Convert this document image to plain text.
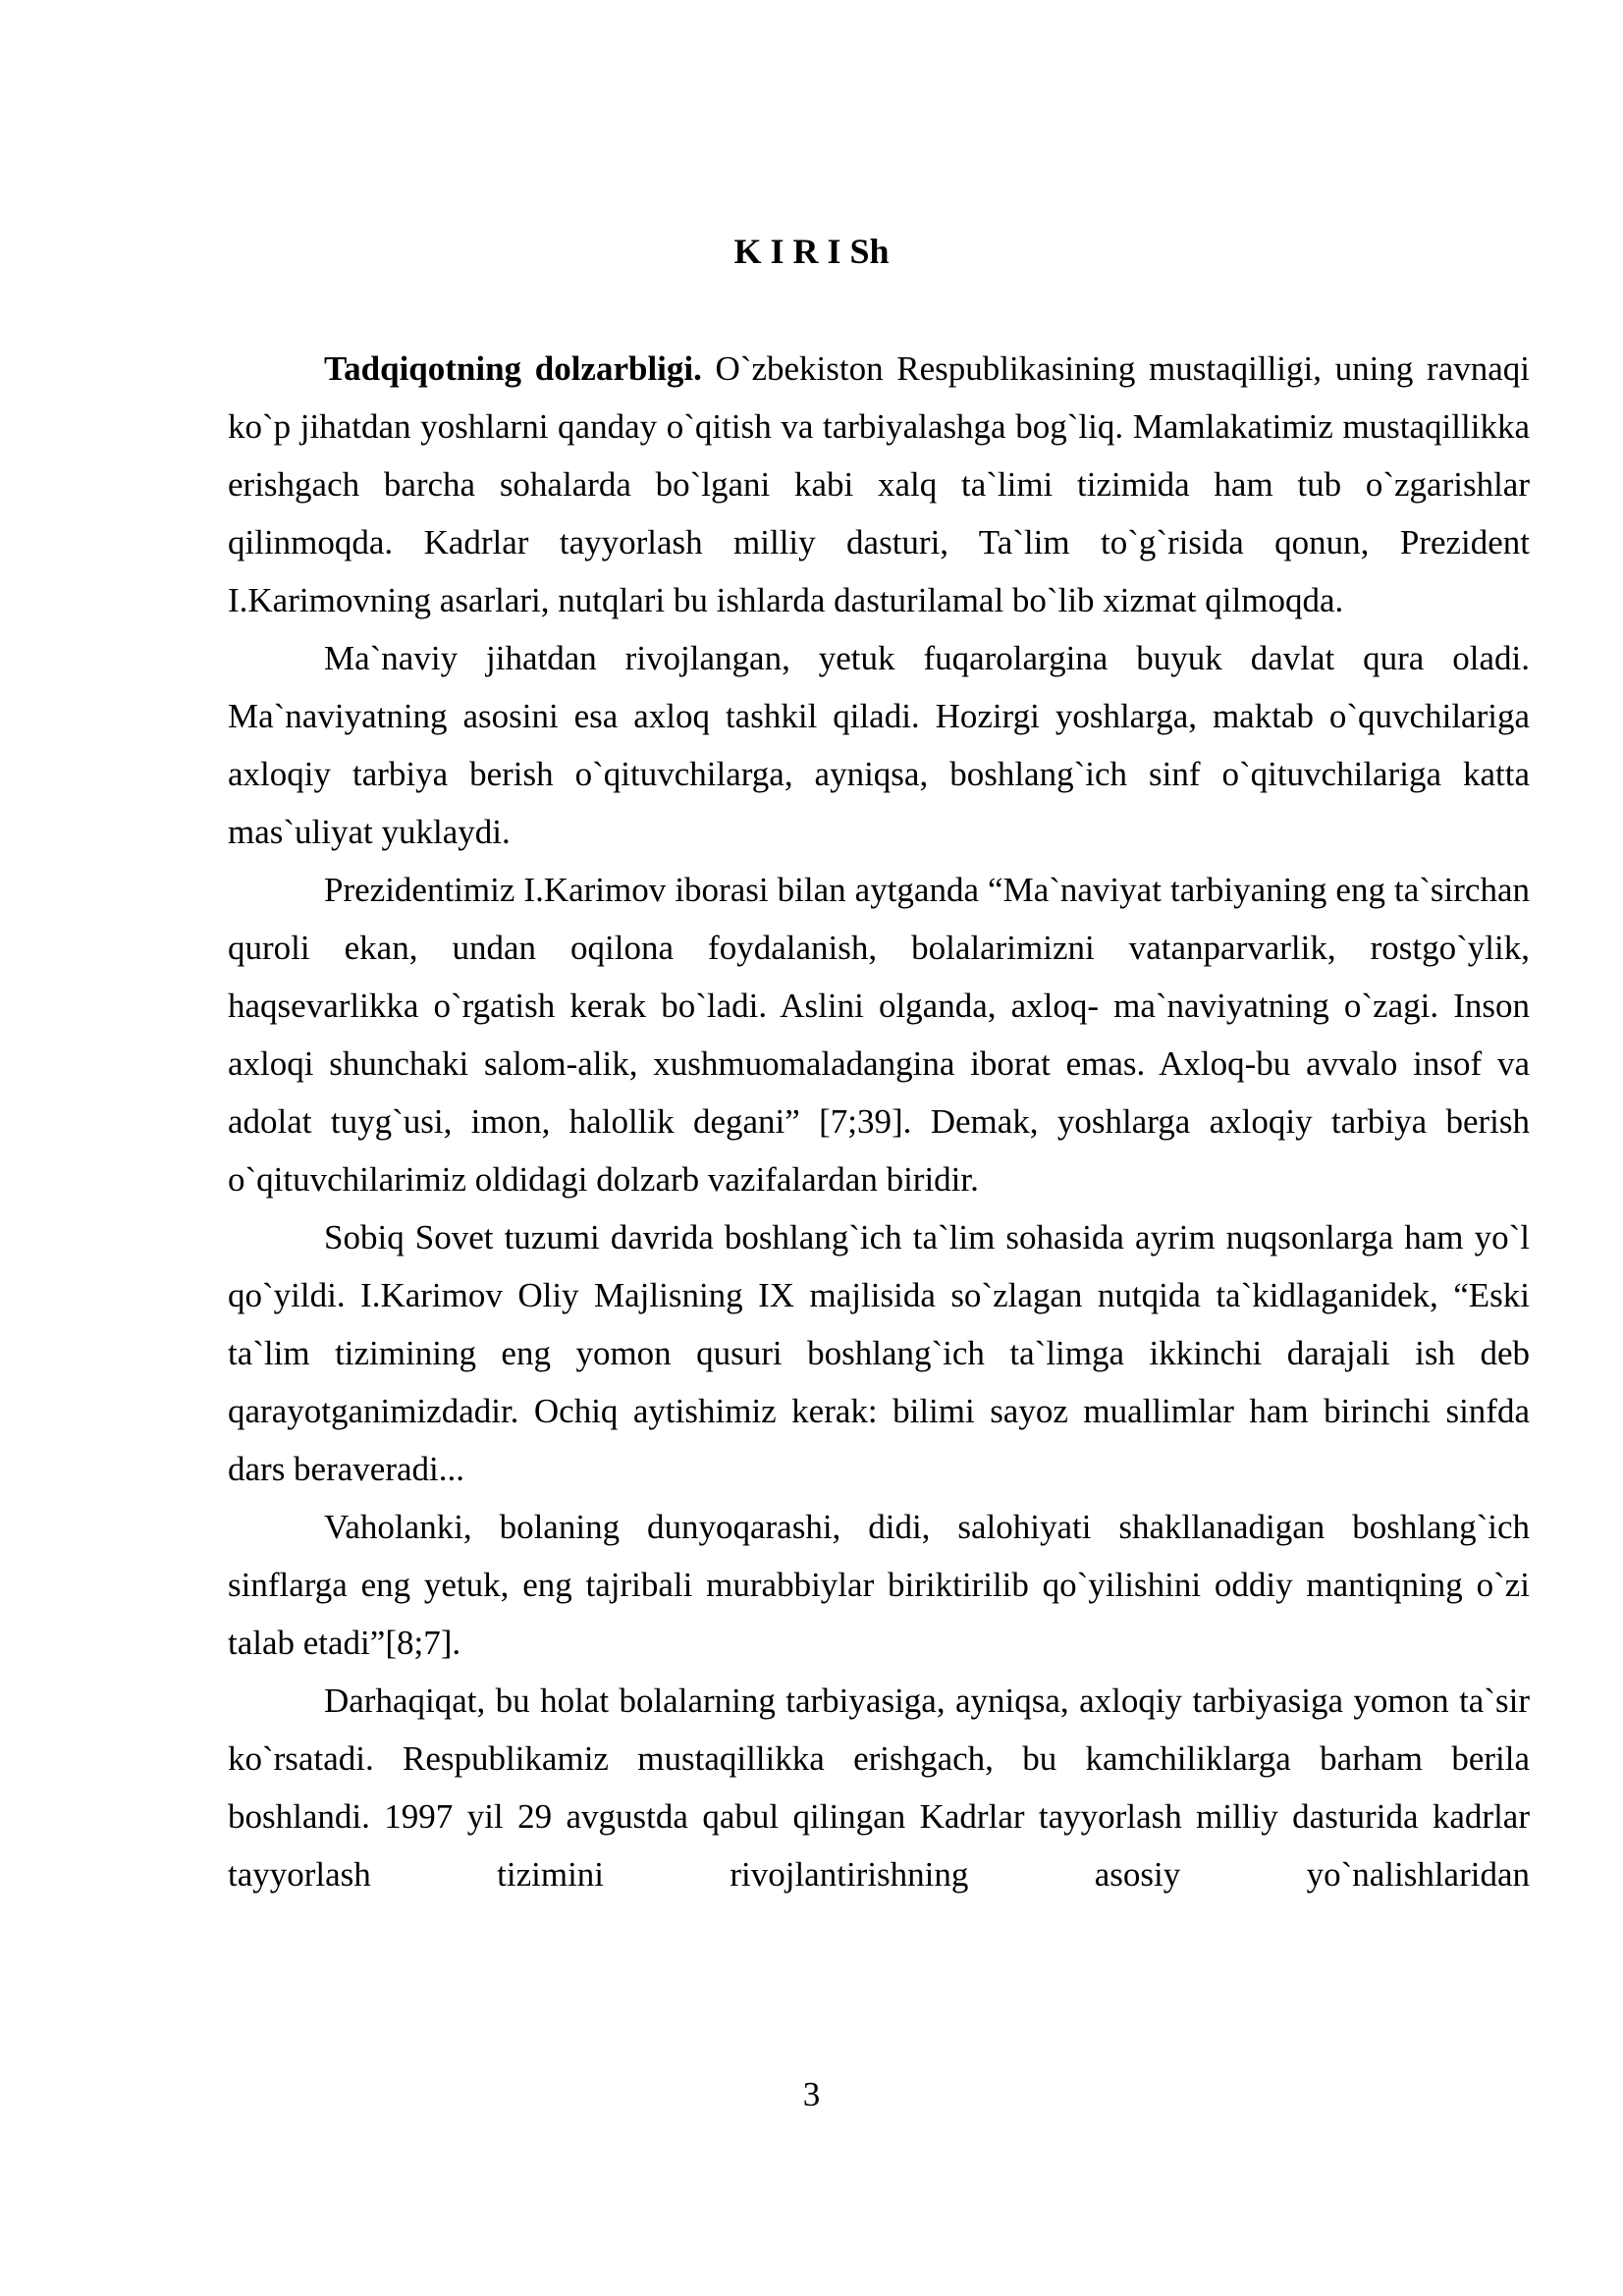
K I R I Sh

Tadqiqotning dolzarbligi. O`zbekiston Respublikasining mustaqilligi, uning ravnaqi ko`p jihatdan yoshlarni qanday o`qitish va tarbiyalashga bog`liq. Mamlakatimiz mustaqillikka erishgach barcha sohalarda bo`lgani kabi xalq ta`limi tizimida ham tub o`zgarishlar qilinmoqda. Kadrlar tayyorlash milliy dasturi, Ta`lim to`g`risida qonun, Prezident I.Karimovning asarlari, nutqlari bu ishlarda dasturilamal bo`lib xizmat qilmoqda.

Ma`naviy jihatdan rivojlangan, yetuk fuqarolargina buyuk davlat qura oladi. Ma`naviyatning asosini esa axloq tashkil qiladi. Hozirgi yoshlarga, maktab o`quvchilariga axloqiy tarbiya berish o`qituvchilarga, ayniqsa, boshlang`ich sinf o`qituvchilariga katta mas`uliyat yuklaydi.

Prezidentimiz I.Karimov iborasi bilan aytganda “Ma`naviyat tarbiyaning eng ta`sirchan quroli ekan, undan oqilona foydalanish, bolalarimizni vatanparvarlik, rostgo`ylik, haqsevarlikka o`rgatish kerak bo`ladi. Aslini olganda, axloq- ma`naviyatning o`zagi. Inson axloqi shunchaki salom-alik, xushmuomaladangina iborat emas. Axloq-bu avvalo insof va adolat tuyg`usi, imon, halollik degani” [7;39]. Demak, yoshlarga axloqiy tarbiya berish o`qituvchilarimiz oldidagi dolzarb vazifalardan biridir.

Sobiq Sovet tuzumi davrida boshlang`ich ta`lim sohasida ayrim nuqsonlarga ham yo`l qo`yildi. I.Karimov Oliy Majlisning IX majlisida so`zlagan nutqida ta`kidlaganidek, “Eski ta`lim tizimining eng yomon qusuri boshlang`ich ta`limga ikkinchi darajali ish deb qarayotganimizdadir. Ochiq aytishimiz kerak: bilimi sayoz muallimlar ham birinchi sinfda dars beraveradi...

Vaholanki, bolaning dunyoqarashi, didi, salohiyati shakllanadigan boshlang`ich sinflarga eng yetuk, eng tajribali murabbiylar biriktirilib qo`yilishini oddiy mantiqning o`zi talab etadi”[8;7].

Darhaqiqat, bu holat bolalarning tarbiyasiga, ayniqsa, axloqiy tarbiyasiga yomon ta`sir ko`rsatadi. Respublikamiz mustaqillikka erishgach, bu kamchiliklarga barham berila boshlandi. 1997 yil 29 avgustda qabul qilingan Kadrlar tayyorlash milliy dasturida kadrlar tayyorlash tizimini rivojlantirishning asosiy yo`nalishlaridan

3
